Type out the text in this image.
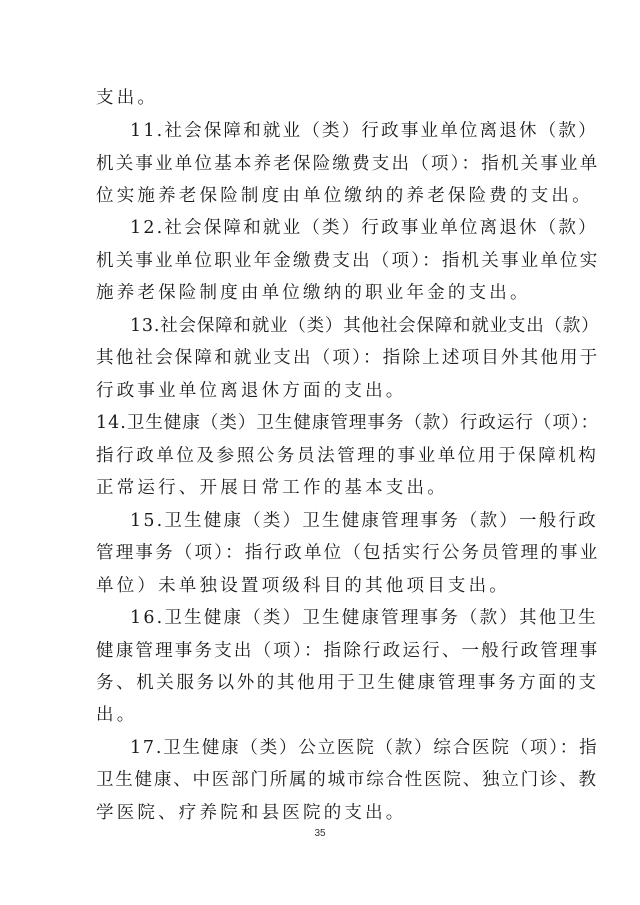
支出。
11.社会保障和就业（类）行政事业单位离退休（款）
机关事业单位基本养老保险缴费支出（项）：指机关事业单
位实施养老保险制度由单位缴纳的养老保险费的支出。
12.社会保障和就业（类）行政事业单位离退休（款）
机关事业单位职业年金缴费支出（项）：指机关事业单位实
施养老保险制度由单位缴纳的职业年金的支出。
13.社会保障和就业（类）其他社会保障和就业支出（款）
其他社会保障和就业支出（项）：指除上述项目外其他用于
行政事业单位离退休方面的支出。
14.卫生健康（类）卫生健康管理事务（款）行政运行（项）：
指行政单位及参照公务员法管理的事业单位用于保障机构
正常运行、开展日常工作的基本支出。
15.卫生健康（类）卫生健康管理事务（款）一般行政
管理事务（项）：指行政单位（包括实行公务员管理的事业
单位）未单独设置项级科目的其他项目支出。
16.卫生健康（类）卫生健康管理事务（款）其他卫生
健康管理事务支出（项）：指除行政运行、一般行政管理事
务、机关服务以外的其他用于卫生健康管理事务方面的支
出。
17.卫生健康（类）公立医院（款）综合医院（项）：指
卫生健康、中医部门所属的城市综合性医院、独立门诊、教
学医院、疗养院和县医院的支出。
35
